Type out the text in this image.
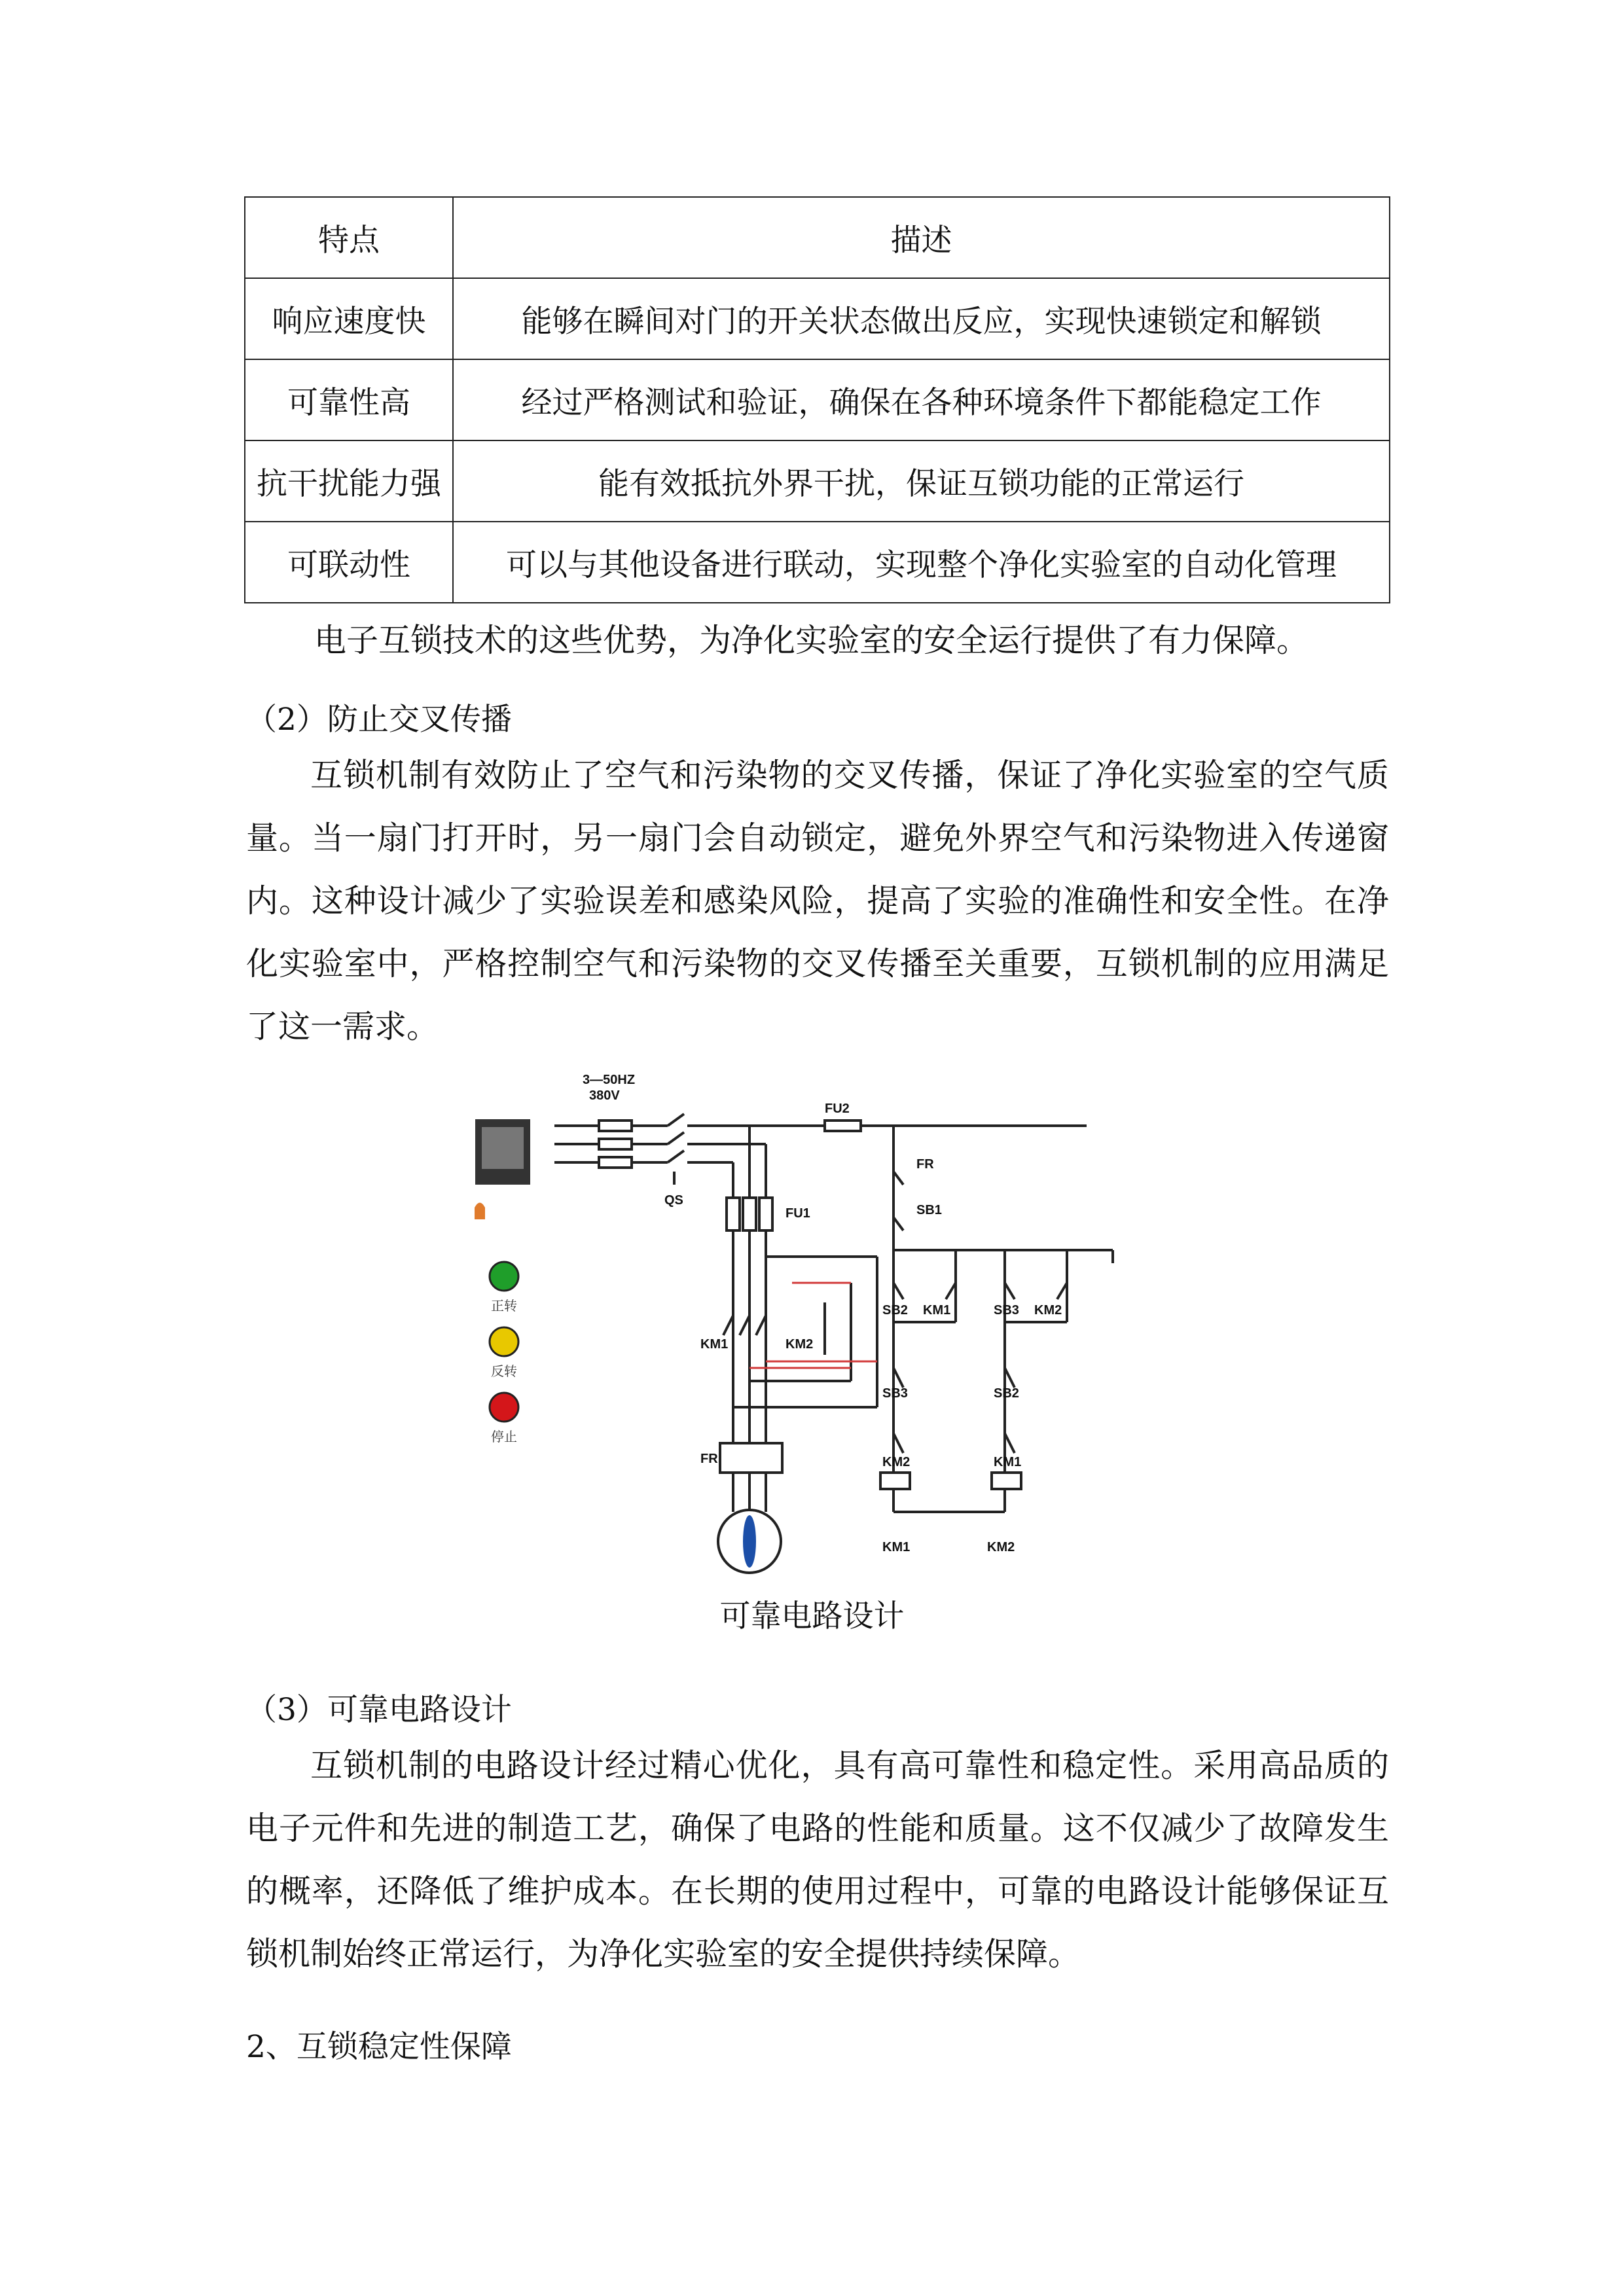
特点	描述
响应速度快	能够在瞬间对门的开关状态做出反应，实现快速锁定和解锁
可靠性高	经过严格测试和验证，确保在各种环境条件下都能稳定工作
抗干扰能力强	能有效抵抗外界干扰，保证互锁功能的正常运行
可联动性	可以与其他设备进行联动，实现整个净化实验室的自动化管理

电子互锁技术的这些优势，为净化实验室的安全运行提供了有力保障。

（2）防止交叉传播

互锁机制有效防止了空气和污染物的交叉传播，保证了净化实验室的空气质量。当一扇门打开时，另一扇门会自动锁定，避免外界空气和污染物进入传递窗内。这种设计减少了实验误差和感染风险，提高了实验的准确性和安全性。在净化实验室中，严格控制空气和污染物的交叉传播至关重要，互锁机制的应用满足了这一需求。

3—50HZ
380V
FU2
FR
SB1
QS
FU1
SB2 KM1	SB3 KM2
KM1	KM2
SB3	SB2
KM2	KM1
FR
KM1	KM2
正转
反转
停止

可靠电路设计

（3）可靠电路设计

互锁机制的电路设计经过精心优化，具有高可靠性和稳定性。采用高品质的电子元件和先进的制造工艺，确保了电路的性能和质量。这不仅减少了故障发生的概率，还降低了维护成本。在长期的使用过程中，可靠的电路设计能够保证互锁机制始终正常运行，为净化实验室的安全提供持续保障。

2、互锁稳定性保障
